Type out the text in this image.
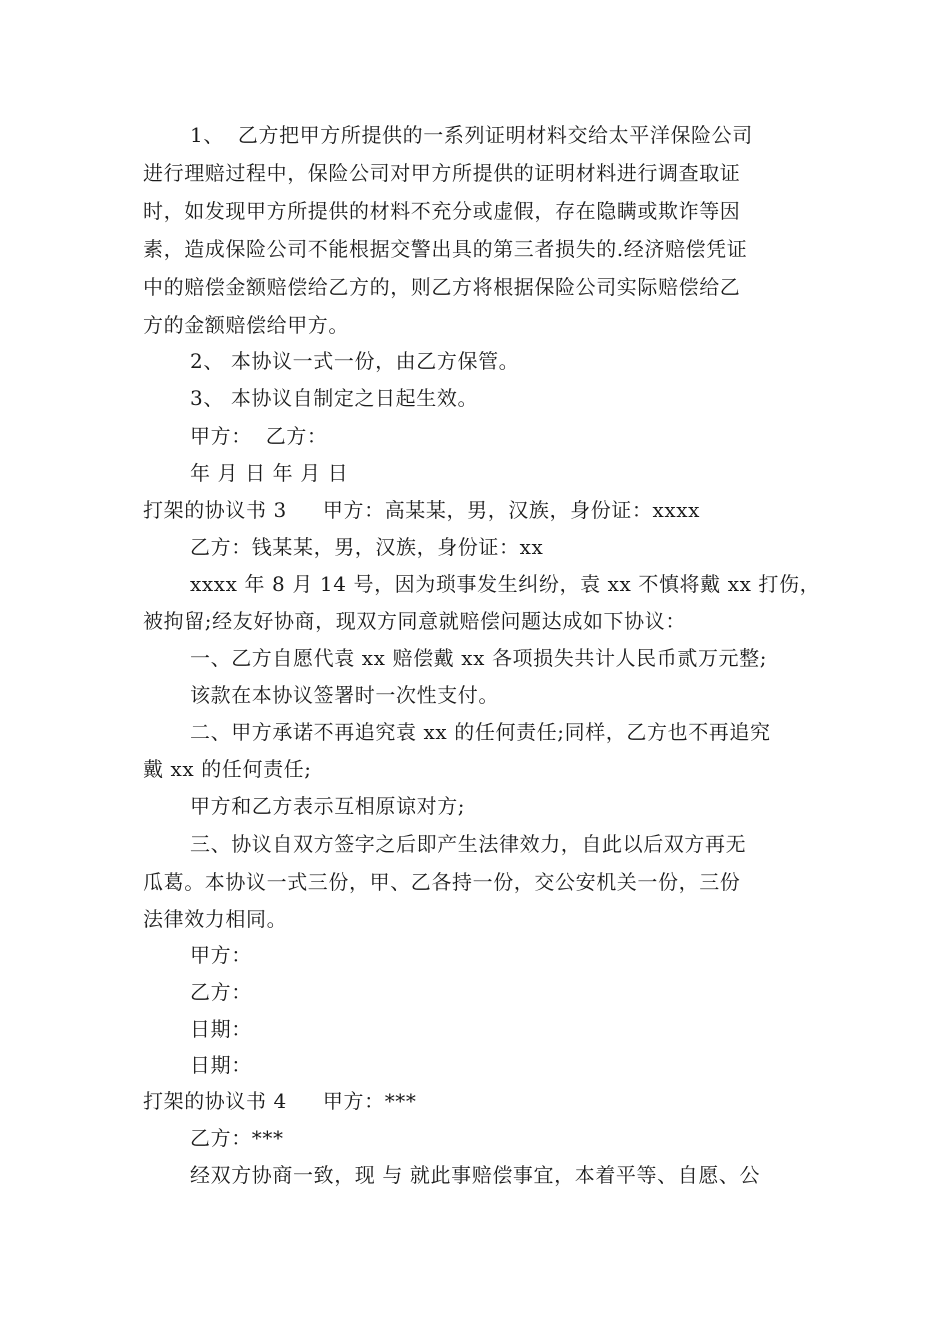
1、  乙方把甲方所提供的一系列证明材料交给太平洋保险公司
进行理赔过程中，保险公司对甲方所提供的证明材料进行调查取证
时，如发现甲方所提供的材料不充分或虚假，存在隐瞒或欺诈等因
素，造成保险公司不能根据交警出具的第三者损失的.经济赔偿凭证
中的赔偿金额赔偿给乙方的，则乙方将根据保险公司实际赔偿给乙
方的金额赔偿给甲方。
2、 本协议一式一份，由乙方保管。
3、 本协议自制定之日起生效。
甲方：  乙方：
年 月 日 年 月 日
乙方：钱某某，男，汉族，身份证：xx
xxxx 年 8 月 14 号，因为琐事发生纠纷，袁 xx 不慎将戴 xx 打伤，
被拘留;经友好协商，现双方同意就赔偿问题达成如下协议：
一、乙方自愿代袁 xx 赔偿戴 xx 各项损失共计人民币贰万元整;
该款在本协议签署时一次性支付。
二、甲方承诺不再追究袁 xx 的任何责任;同样，乙方也不再追究
戴 xx 的任何责任;
甲方和乙方表示互相原谅对方;
三、协议自双方签字之后即产生法律效力，自此以后双方再无
瓜葛。本协议一式三份，甲、乙各持一份，交公安机关一份，三份
法律效力相同。
甲方：
乙方：
日期：
日期：
乙方：***
经双方协商一致，现 与 就此事赔偿事宜，本着平等、自愿、公
打架的协议书 3 甲方：高某某，男，汉族，身份证：xxxx
打架的协议书 4 甲方：***
